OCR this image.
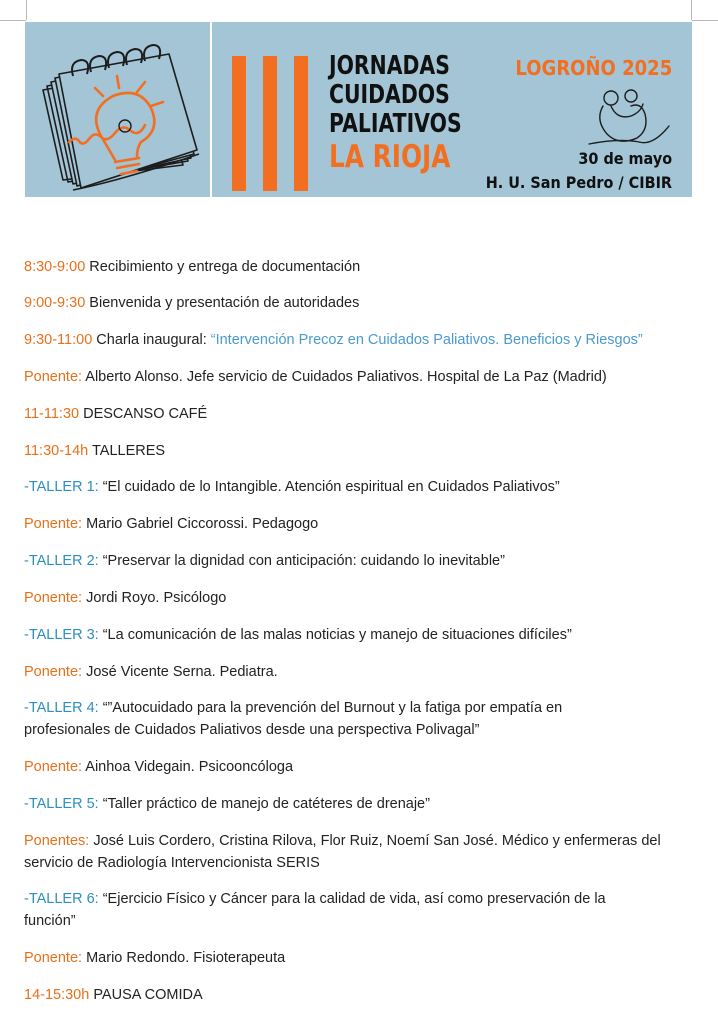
JORNADAS
CUIDADOS
PALIATIVOS
LA RIOJA
LOGROÑO 2025
30 de mayo
H. U. San Pedro / CIBIR
8:30-9:00 Recibimiento y entrega de documentación
9:00-9:30 Bienvenida y presentación de autoridades
9:30-11:00 Charla inaugural: “Intervención Precoz en Cuidados Paliativos. Beneficios y Riesgos”
Ponente: Alberto Alonso. Jefe servicio de Cuidados Paliativos. Hospital de La Paz (Madrid)
11-11:30 DESCANSO CAFÉ
11:30-14h TALLERES
-TALLER 1: “El cuidado de lo Intangible. Atención espiritual en Cuidados Paliativos”
Ponente: Mario Gabriel Ciccorossi. Pedagogo
-TALLER 2: “Preservar la dignidad con anticipación: cuidando lo inevitable”
Ponente: Jordi Royo. Psicólogo
-TALLER 3: “La comunicación de las malas noticias y manejo de situaciones difíciles”
Ponente: José Vicente Serna. Pediatra.
-TALLER 4: “”Autocuidado para la prevención del Burnout y la fatiga por empatía en profesionales de Cuidados Paliativos desde una perspectiva Polivagal”
Ponente: Ainhoa Videgain. Psicooncóloga
-TALLER 5: “Taller práctico de manejo de catéteres de drenaje”
Ponentes: José Luis Cordero, Cristina Rilova, Flor Ruiz, Noemí San José. Médico y enfermeras del servicio de Radiología Intervencionista SERIS
-TALLER 6: “Ejercicio Físico y Cáncer para la calidad de vida, así como preservación de la función”
Ponente: Mario Redondo. Fisioterapeuta
14-15:30h PAUSA COMIDA
